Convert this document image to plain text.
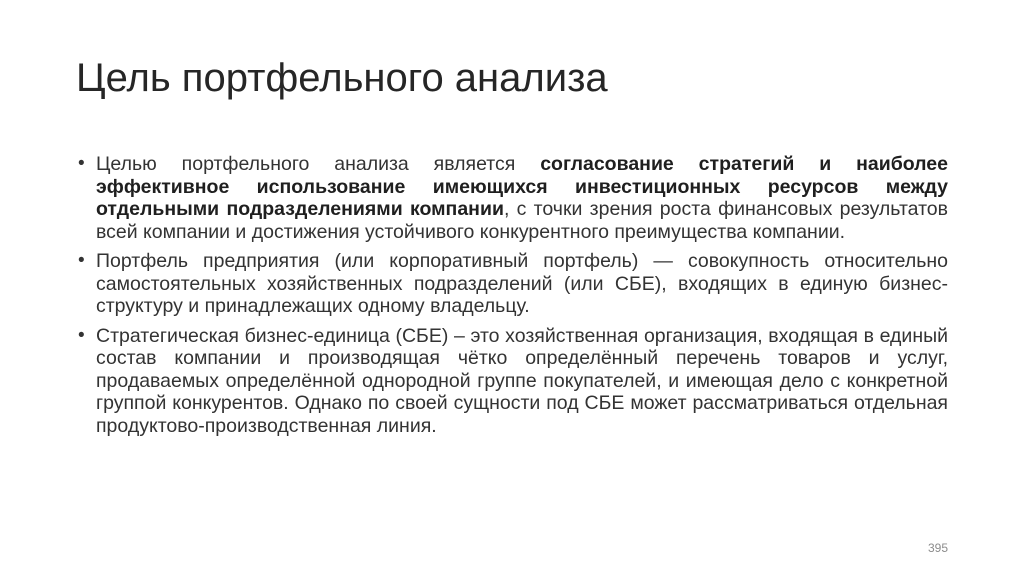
Цель портфельного анализа
• Целью портфельного анализа является согласование стратегий и наиболее эффективное использование имеющихся инвестиционных ресурсов между отдельными подразделениями компании, с точки зрения роста финансовых результатов всей компании и достижения устойчивого конкурентного преимущества компании.
• Портфель предприятия (или корпоративный портфель) — совокупность относительно самостоятельных хозяйственных подразделений (или СБЕ), входящих в единую бизнес-структуру и принадлежащих одному владельцу.
• Стратегическая бизнес-единица (СБЕ) – это хозяйственная организация, входящая в единый состав компании и производящая чётко определённый перечень товаров и услуг, продаваемых определённой однородной группе покупателей, и имеющая дело с конкретной группой конкурентов. Однако по своей сущности под СБЕ может рассматриваться отдельная продуктово-производственная линия.
395
